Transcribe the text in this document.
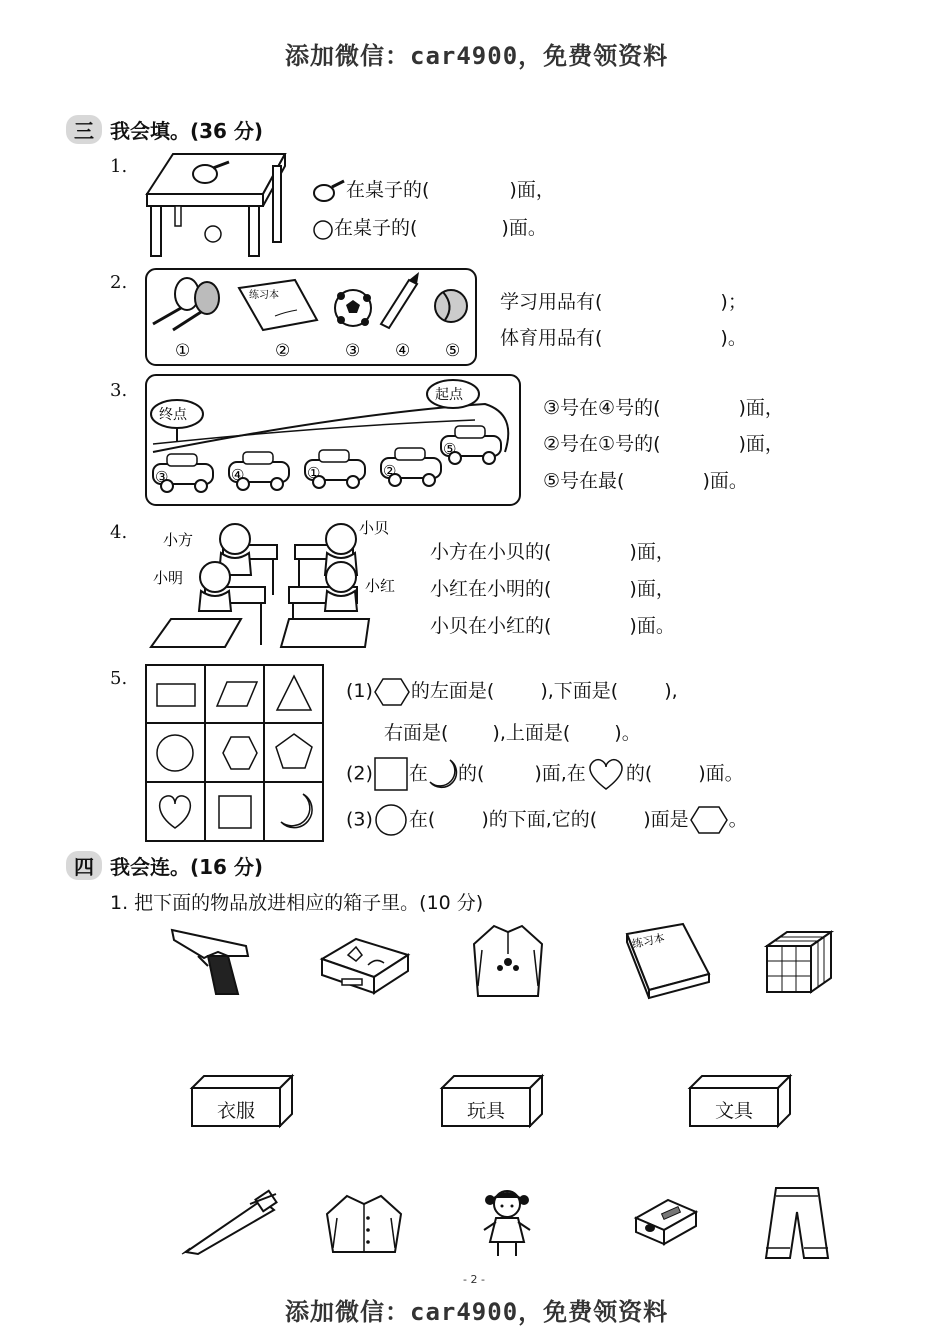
添加微信：car4900，免费领资料
三 我会填。(36 分)
1.
在桌子的(	)面，
在桌子的(	)面。
2.
练习本
①	②	③ ④ ⑤
学习用品有(	)；
体育用品有(	)。
3.
终点
起点
③	④	①	②
⑤
③号在④号的(	)面，
②号在①号的(	)面，
⑤号在最(	)面。
4. 小方
小贝
小明	小红
小方在小贝的(	)面，
小红在小明的(	)面，
小贝在小红的(	)面。
5.
(1) 的左面是( ),下面是( ),
右面是( ),上面是( )。
(2) 在 的(	)面,在 的( )面。
(3) 在( )的下面,它的( )面是 。
四 我会连。(16 分)
1. 把下面的物品放进相应的箱子里。(10 分)
练习本
衣服	玩具	文具
- 2 -
添加微信：car4900，免费领资料
